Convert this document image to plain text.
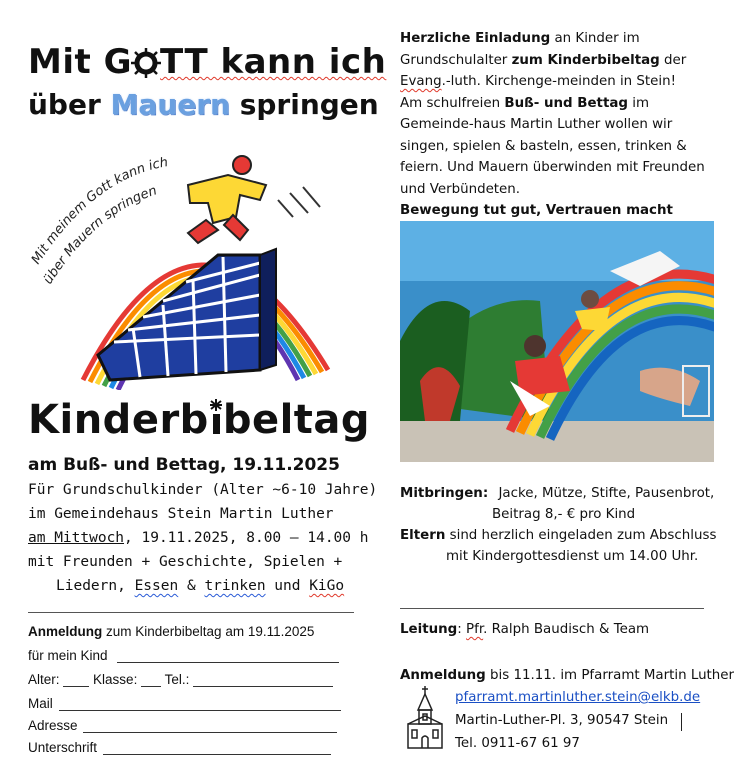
Mit G TT kann ich
über Mauern springen
Mit meinem Gott kann ich
über Mauern springen
Kinderb beltag
am Buß- und Bettag, 19.11.2025
Für Grundschulkinder (Alter ~6-10 Jahre)
im Gemeindehaus Stein Martin Luther
am Mittwoch, 19.11.2025, 8.00 – 14.00 h
mit Freunden + Geschichte, Spielen +
Liedern, Essen & trinken und KiGo
Anmeldung zum Kinderbibeltag am 19.11.2025
für mein Kind
Alter: Klasse: Tel.:
Mail
Adresse
Unterschrift
Herzliche Einladung an Kinder im Grundschulalter zum Kinderbibeltag der Evang.-luth. Kirchenge-meinden in Stein!
Am schulfreien Buß- und Bettag im Gemeinde-haus Martin Luther wollen wir singen, spielen & basteln, essen, trinken & feiern. Und Mauern überwinden mit Freunden und Verbündeten.
Bewegung tut gut, Vertrauen macht
Mitbringen: Jacke, Mütze, Stifte, Pausenbrot,
Beitrag 8,- € pro Kind
Eltern sind herzlich eingeladen zum Abschluss
mit Kindergottesdienst um 14.00 Uhr.
Leitung: Pfr. Ralph Baudisch & Team
Anmeldung bis 11.11. im Pfarramt Martin Luther
pfarramt.martinluther.stein@elkb.de
Martin-Luther-Pl. 3, 90547 Stein
Tel. 0911-67 61 97
